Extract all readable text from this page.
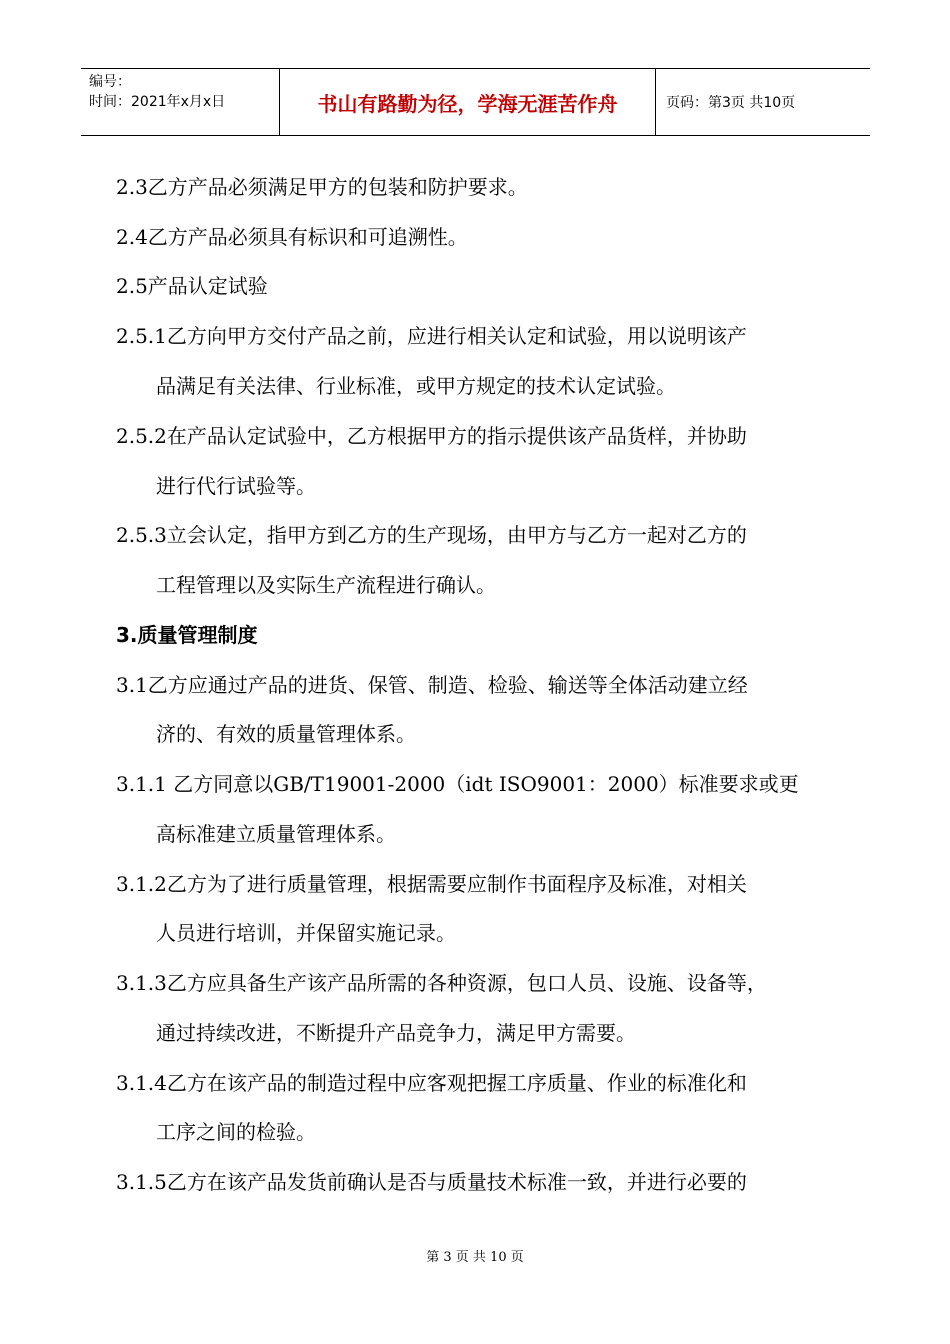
编号：
时间：2021年x月x日	书山有路勤为径，学海无涯苦作舟	页码：第3页 共10页
2.3乙方产品必须满足甲方的包装和防护要求。
2.4乙方产品必须具有标识和可追溯性。
2.5产品认定试验
2.5.1乙方向甲方交付产品之前，应进行相关认定和试验，用以说明该产
品满足有关法律、行业标准，或甲方规定的技术认定试验。
2.5.2在产品认定试验中，乙方根据甲方的指示提供该产品货样，并协助
进行代行试验等。
2.5.3立会认定，指甲方到乙方的生产现场，由甲方与乙方一起对乙方的
工程管理以及实际生产流程进行确认。
3.质量管理制度
3.1乙方应通过产品的进货、保管、制造、检验、输送等全体活动建立经
济的、有效的质量管理体系。
3.1.1 乙方同意以GB/T19001-2000（idt ISO9001：2000）标准要求或更
高标准建立质量管理体系。
3.1.2乙方为了进行质量管理，根据需要应制作书面程序及标准，对相关
人员进行培训，并保留实施记录。
3.1.3乙方应具备生产该产品所需的各种资源，包口人员、设施、设备等，
通过持续改进，不断提升产品竞争力，满足甲方需要。
3.1.4乙方在该产品的制造过程中应客观把握工序质量、作业的标准化和
工序之间的检验。
3.1.5乙方在该产品发货前确认是否与质量技术标准一致，并进行必要的
第 3 页 共 10 页
